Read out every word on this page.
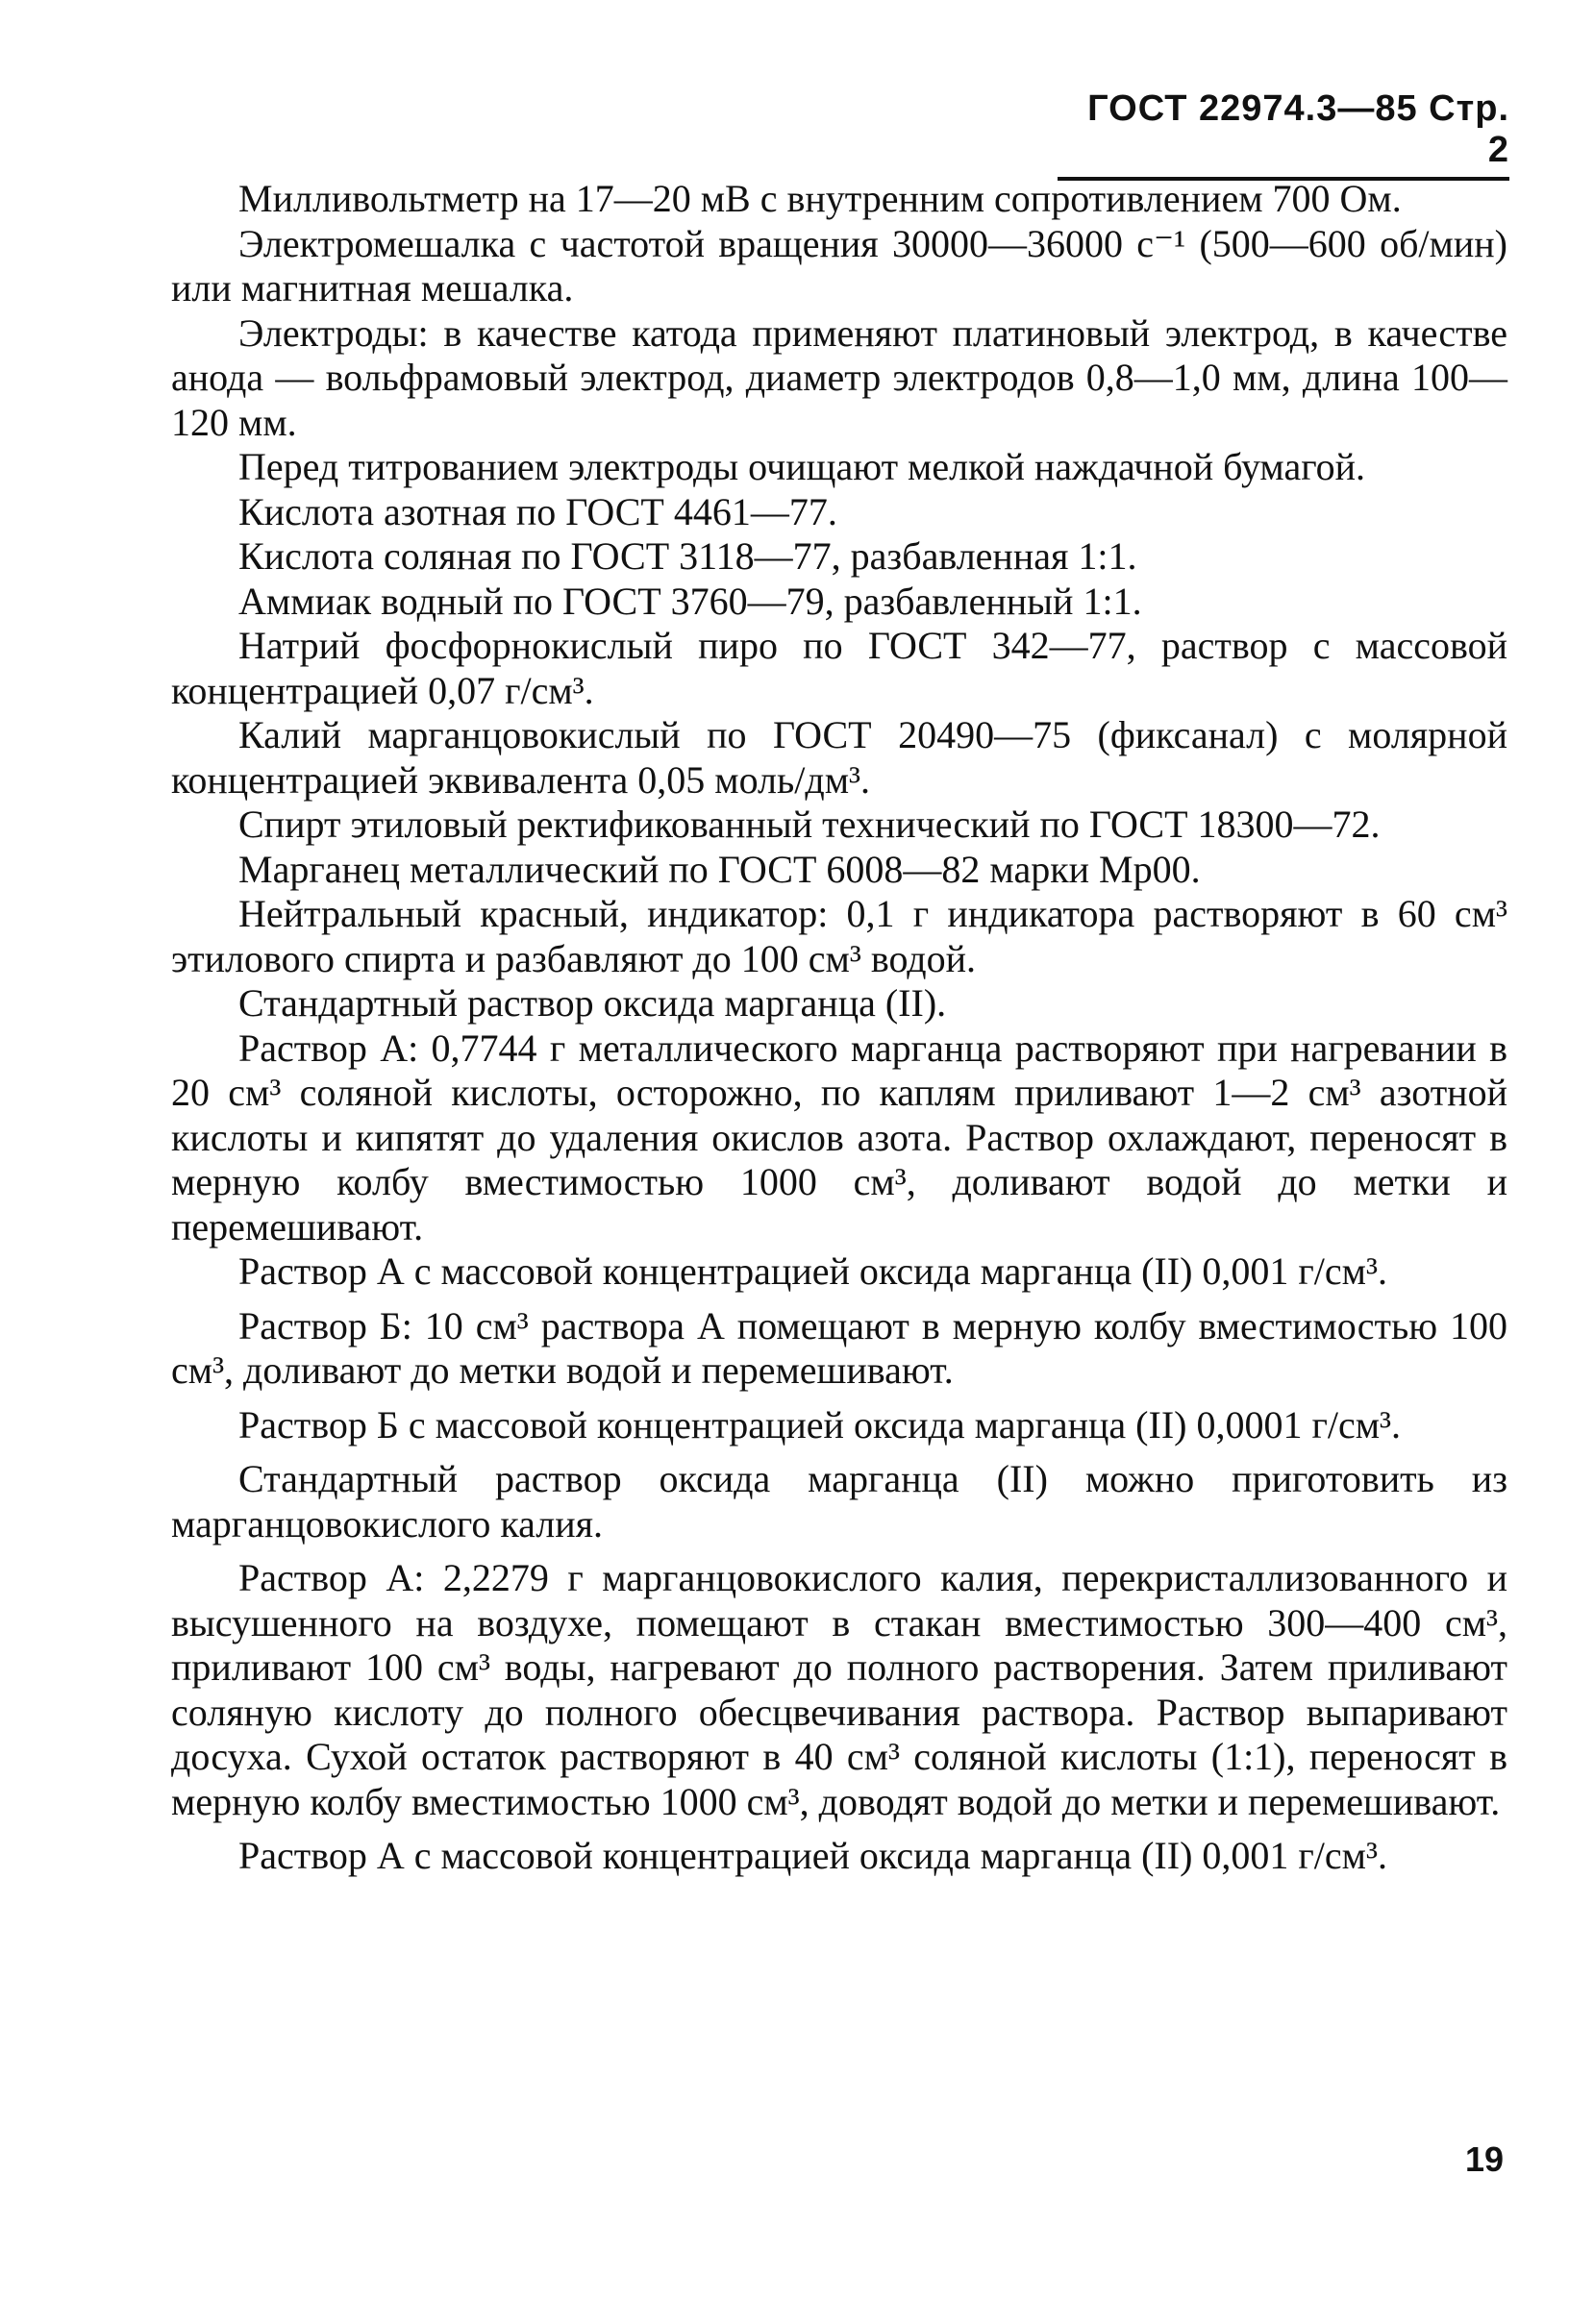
ГОСТ 22974.3—85 Стр. 2

Милливольтметр на 17—20 мВ с внутренним сопротивлением 700 Ом.

Электромешалка с частотой вращения 30000—36000 с⁻¹ (500—600 об/мин) или магнитная мешалка.

Электроды: в качестве катода применяют платиновый электрод, в качестве анода — вольфрамовый электрод, диаметр электродов 0,8—1,0 мм, длина 100—120 мм.

Перед титрованием электроды очищают мелкой наждачной бумагой.

Кислота азотная по ГОСТ 4461—77.

Кислота соляная по ГОСТ 3118—77, разбавленная 1:1.

Аммиак водный по ГОСТ 3760—79, разбавленный 1:1.

Натрий фосфорнокислый пиро по ГОСТ 342—77, раствор с массовой концентрацией 0,07 г/см³.

Калий марганцовокислый по ГОСТ 20490—75 (фиксанал) с молярной концентрацией эквивалента 0,05 моль/дм³.

Спирт этиловый ректификованный технический по ГОСТ 18300—72.

Марганец металлический по ГОСТ 6008—82 марки Мр00.

Нейтральный красный, индикатор: 0,1 г индикатора растворяют в 60 см³ этилового спирта и разбавляют до 100 см³ водой.

Стандартный раствор оксида марганца (II).

Раствор А: 0,7744 г металлического марганца растворяют при нагревании в 20 см³ соляной кислоты, осторожно, по каплям приливают 1—2 см³ азотной кислоты и кипятят до удаления окислов азота. Раствор охлаждают, переносят в мерную колбу вместимостью 1000 см³, доливают водой до метки и перемешивают.

Раствор А с массовой концентрацией оксида марганца (II) 0,001 г/см³.

Раствор Б: 10 см³ раствора А помещают в мерную колбу вместимостью 100 см³, доливают до метки водой и перемешивают.

Раствор Б с массовой концентрацией оксида марганца (II) 0,0001 г/см³.

Стандартный раствор оксида марганца (II) можно приготовить из марганцовокислого калия.

Раствор А: 2,2279 г марганцовокислого калия, перекристаллизованного и высушенного на воздухе, помещают в стакан вместимостью 300—400 см³, приливают 100 см³ воды, нагревают до полного растворения. Затем приливают соляную кислоту до полного обесцвечивания раствора. Раствор выпаривают досуха. Сухой остаток растворяют в 40 см³ соляной кислоты (1:1), переносят в мерную колбу вместимостью 1000 см³, доводят водой до метки и перемешивают.

Раствор А с массовой концентрацией оксида марганца (II) 0,001 г/см³.

19
